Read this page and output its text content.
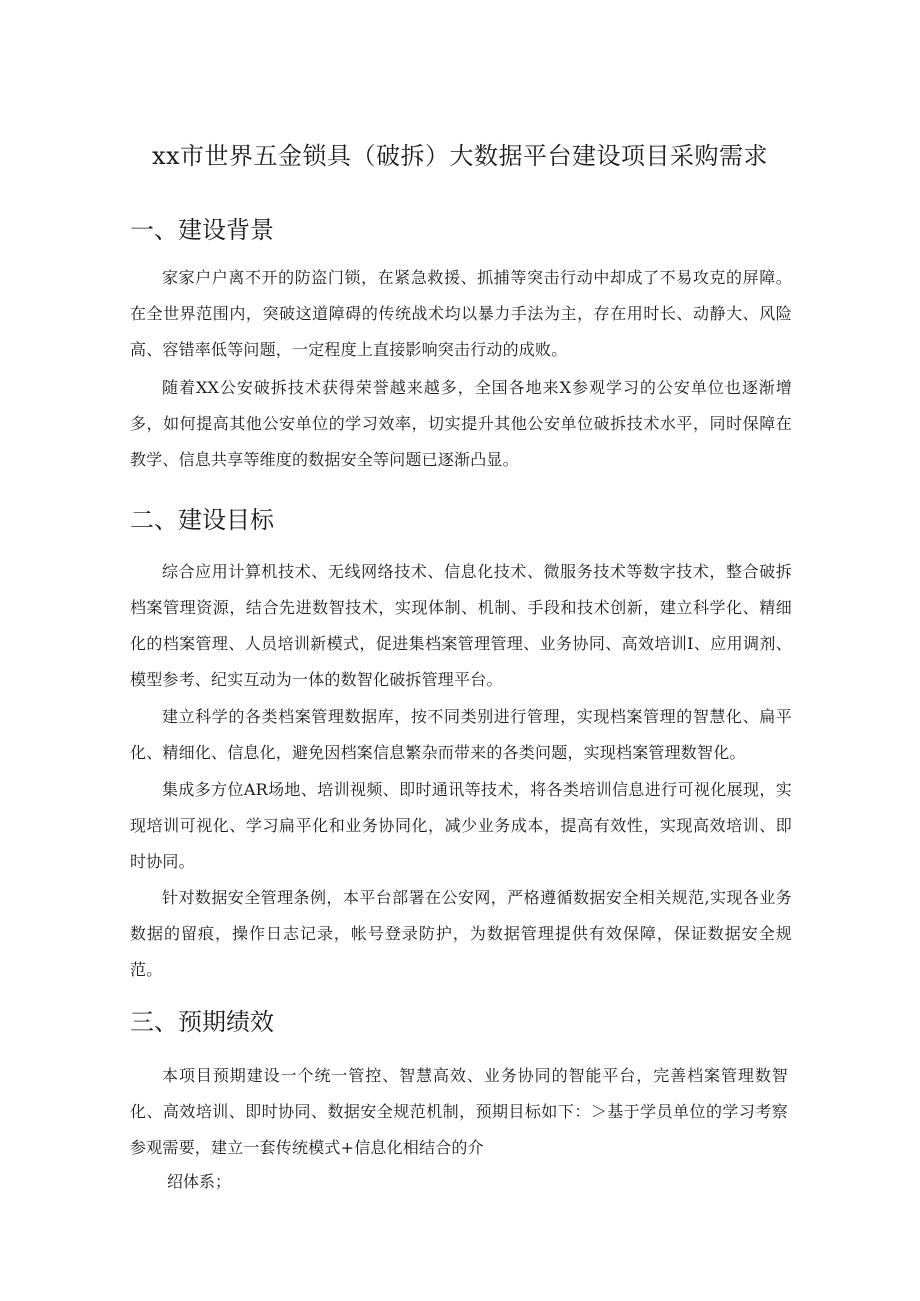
xx市世界五金锁具（破拆）大数据平台建设项目采购需求
一、建设背景
家家户户离不开的防盗门锁，在紧急救援、抓捕等突击行动中却成了不易攻克的屏障。在全世界范围内，突破这道障碍的传统战术均以暴力手法为主，存在用时长、动静大、风险高、容错率低等问题，一定程度上直接影响突击行动的成败。
随着XX公安破拆技术获得荣誉越来越多，全国各地来X参观学习的公安单位也逐渐增多，如何提高其他公安单位的学习效率，切实提升其他公安单位破拆技术水平，同时保障在教学、信息共享等维度的数据安全等问题已逐渐凸显。
二、建设目标
综合应用计算机技术、无线网络技术、信息化技术、微服务技术等数字技术，整合破拆档案管理资源，结合先进数智技术，实现体制、机制、手段和技术创新，建立科学化、精细化的档案管理、人员培训新模式，促进集档案管理管理、业务协同、高效培训I、应用调剂、模型参考、纪实互动为一体的数智化破拆管理平台。
建立科学的各类档案管理数据库，按不同类别进行管理，实现档案管理的智慧化、扁平化、精细化、信息化，避免因档案信息繁杂而带来的各类问题，实现档案管理数智化。
集成多方位AR场地、培训视频、即时通讯等技术，将各类培训信息进行可视化展现，实现培训可视化、学习扁平化和业务协同化，减少业务成本，提高有效性，实现高效培训、即时协同。
针对数据安全管理条例，本平台部署在公安网，严格遵循数据安全相关规范,实现各业务数据的留痕，操作日志记录，帐号登录防护，为数据管理提供有效保障，保证数据安全规范。
三、预期绩效
本项目预期建设一个统一管控、智慧高效、业务协同的智能平台，完善档案管理数智化、高效培训、即时协同、数据安全规范机制，预期目标如下：＞基于学员单位的学习考察参观需要，建立一套传统模式+信息化相结合的介
绍体系；
